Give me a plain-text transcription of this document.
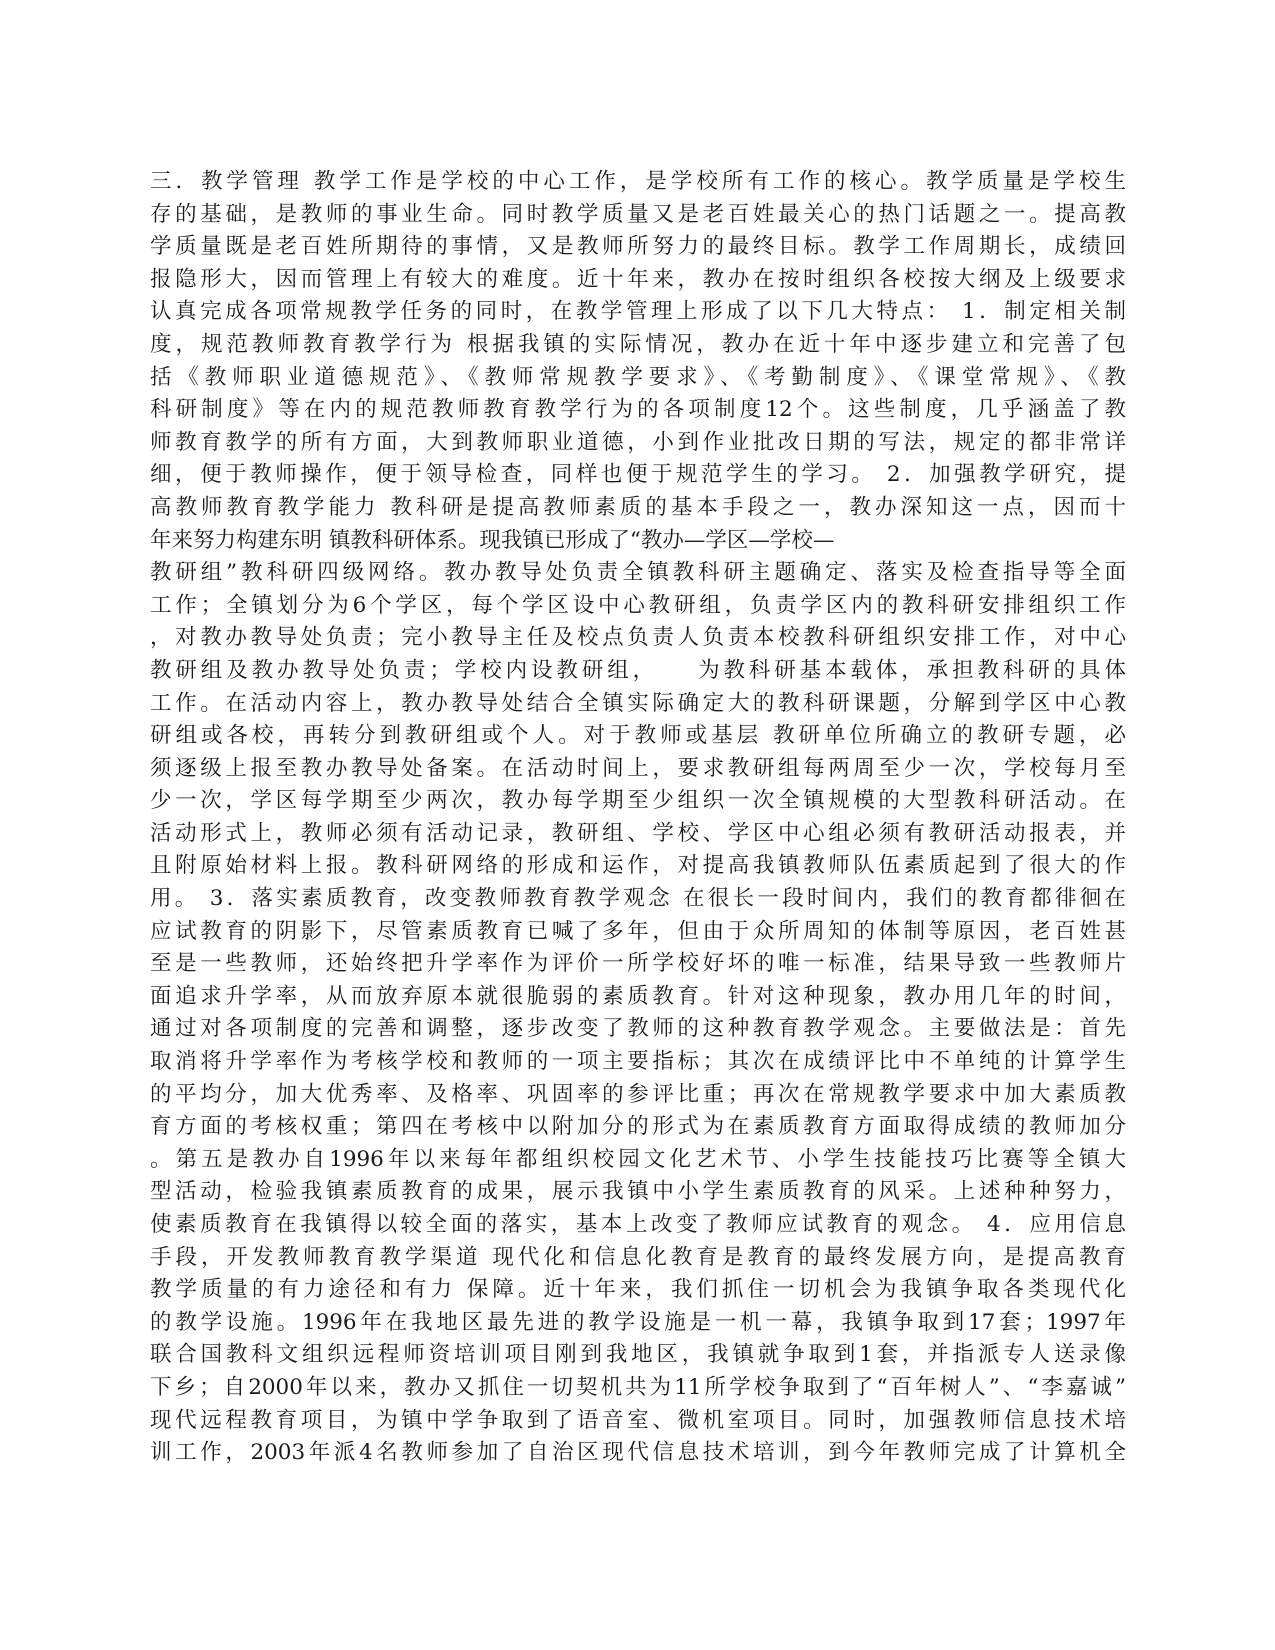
三．教学管理 教学工作是学校的中心工作，是学校所有工作的核心。教学质量是学校生
存的基础，是教师的事业生命。同时教学质量又是老百姓最关心的热门话题之一。提高教
学质量既是老百姓所期待的事情，又是教师所努力的最终目标。教学工作周期长，成绩回
报隐形大，因而管理上有较大的难度。近十年来，教办在按时组织各校按大纲及上级要求
认真完成各项常规教学任务的同时，在教学管理上形成了以下几大特点： 1．制定相关制
度，规范教师教育教学行为 根据我镇的实际情况，教办在近十年中逐步建立和完善了包
括《教师职业道德规范》、《教师常规教学要求》、《考勤制度》、《课堂常规》、《教
科研制度》等在内的规范教师教育教学行为的各项制度12个。这些制度，几乎涵盖了教
师教育教学的所有方面，大到教师职业道德，小到作业批改日期的写法，规定的都非常详
细，便于教师操作，便于领导检查，同样也便于规范学生的学习。 2．加强教学研究，提
高教师教育教学能力 教科研是提高教师素质的基本手段之一，教办深知这一点，因而十
年来努力构建东明 镇教科研体系。现我镇已形成了“教办—学区—学校—
教研组”教科研四级网络。教办教导处负责全镇教科研主题确定、落实及检查指导等全面
工作；全镇划分为6个学区，每个学区设中心教研组，负责学区内的教科研安排组织工作
，对教办教导处负责；完小教导主任及校点负责人负责本校教科研组织安排工作，对中心
教研组及教办教导处负责；学校内设教研组，　　为教科研基本载体，承担教科研的具体
工作。在活动内容上，教办教导处结合全镇实际确定大的教科研课题，分解到学区中心教
研组或各校，再转分到教研组或个人。对于教师或基层 教研单位所确立的教研专题，必
须逐级上报至教办教导处备案。在活动时间上，要求教研组每两周至少一次，学校每月至
少一次，学区每学期至少两次，教办每学期至少组织一次全镇规模的大型教科研活动。在
活动形式上，教师必须有活动记录，教研组、学校、学区中心组必须有教研活动报表，并
且附原始材料上报。教科研网络的形成和运作，对提高我镇教师队伍素质起到了很大的作
用。 3．落实素质教育，改变教师教育教学观念 在很长一段时间内，我们的教育都徘徊在
应试教育的阴影下，尽管素质教育已喊了多年，但由于众所周知的体制等原因，老百姓甚
至是一些教师，还始终把升学率作为评价一所学校好坏的唯一标准，结果导致一些教师片
面追求升学率，从而放弃原本就很脆弱的素质教育。针对这种现象，教办用几年的时间，
通过对各项制度的完善和调整，逐步改变了教师的这种教育教学观念。主要做法是：首先
取消将升学率作为考核学校和教师的一项主要指标；其次在成绩评比中不单纯的计算学生
的平均分，加大优秀率、及格率、巩固率的参评比重；再次在常规教学要求中加大素质教
育方面的考核权重；第四在考核中以附加分的形式为在素质教育方面取得成绩的教师加分
。第五是教办自1996年以来每年都组织校园文化艺术节、小学生技能技巧比赛等全镇大
型活动，检验我镇素质教育的成果，展示我镇中小学生素质教育的风采。上述种种努力，
使素质教育在我镇得以较全面的落实，基本上改变了教师应试教育的观念。 4．应用信息
手段，开发教师教育教学渠道 现代化和信息化教育是教育的最终发展方向，是提高教育
教学质量的有力途径和有力 保障。近十年来，我们抓住一切机会为我镇争取各类现代化
的教学设施。1996年在我地区最先进的教学设施是一机一幕，我镇争取到17套；1997年
联合国教科文组织远程师资培训项目刚到我地区，我镇就争取到1套，并指派专人送录像
下乡；自2000年以来，教办又抓住一切契机共为11所学校争取到了“百年树人”、“李嘉诚”
现代远程教育项目，为镇中学争取到了语音室、微机室项目。同时，加强教师信息技术培
训工作，2003年派4名教师参加了自治区现代信息技术培训，到今年教师完成了计算机全
